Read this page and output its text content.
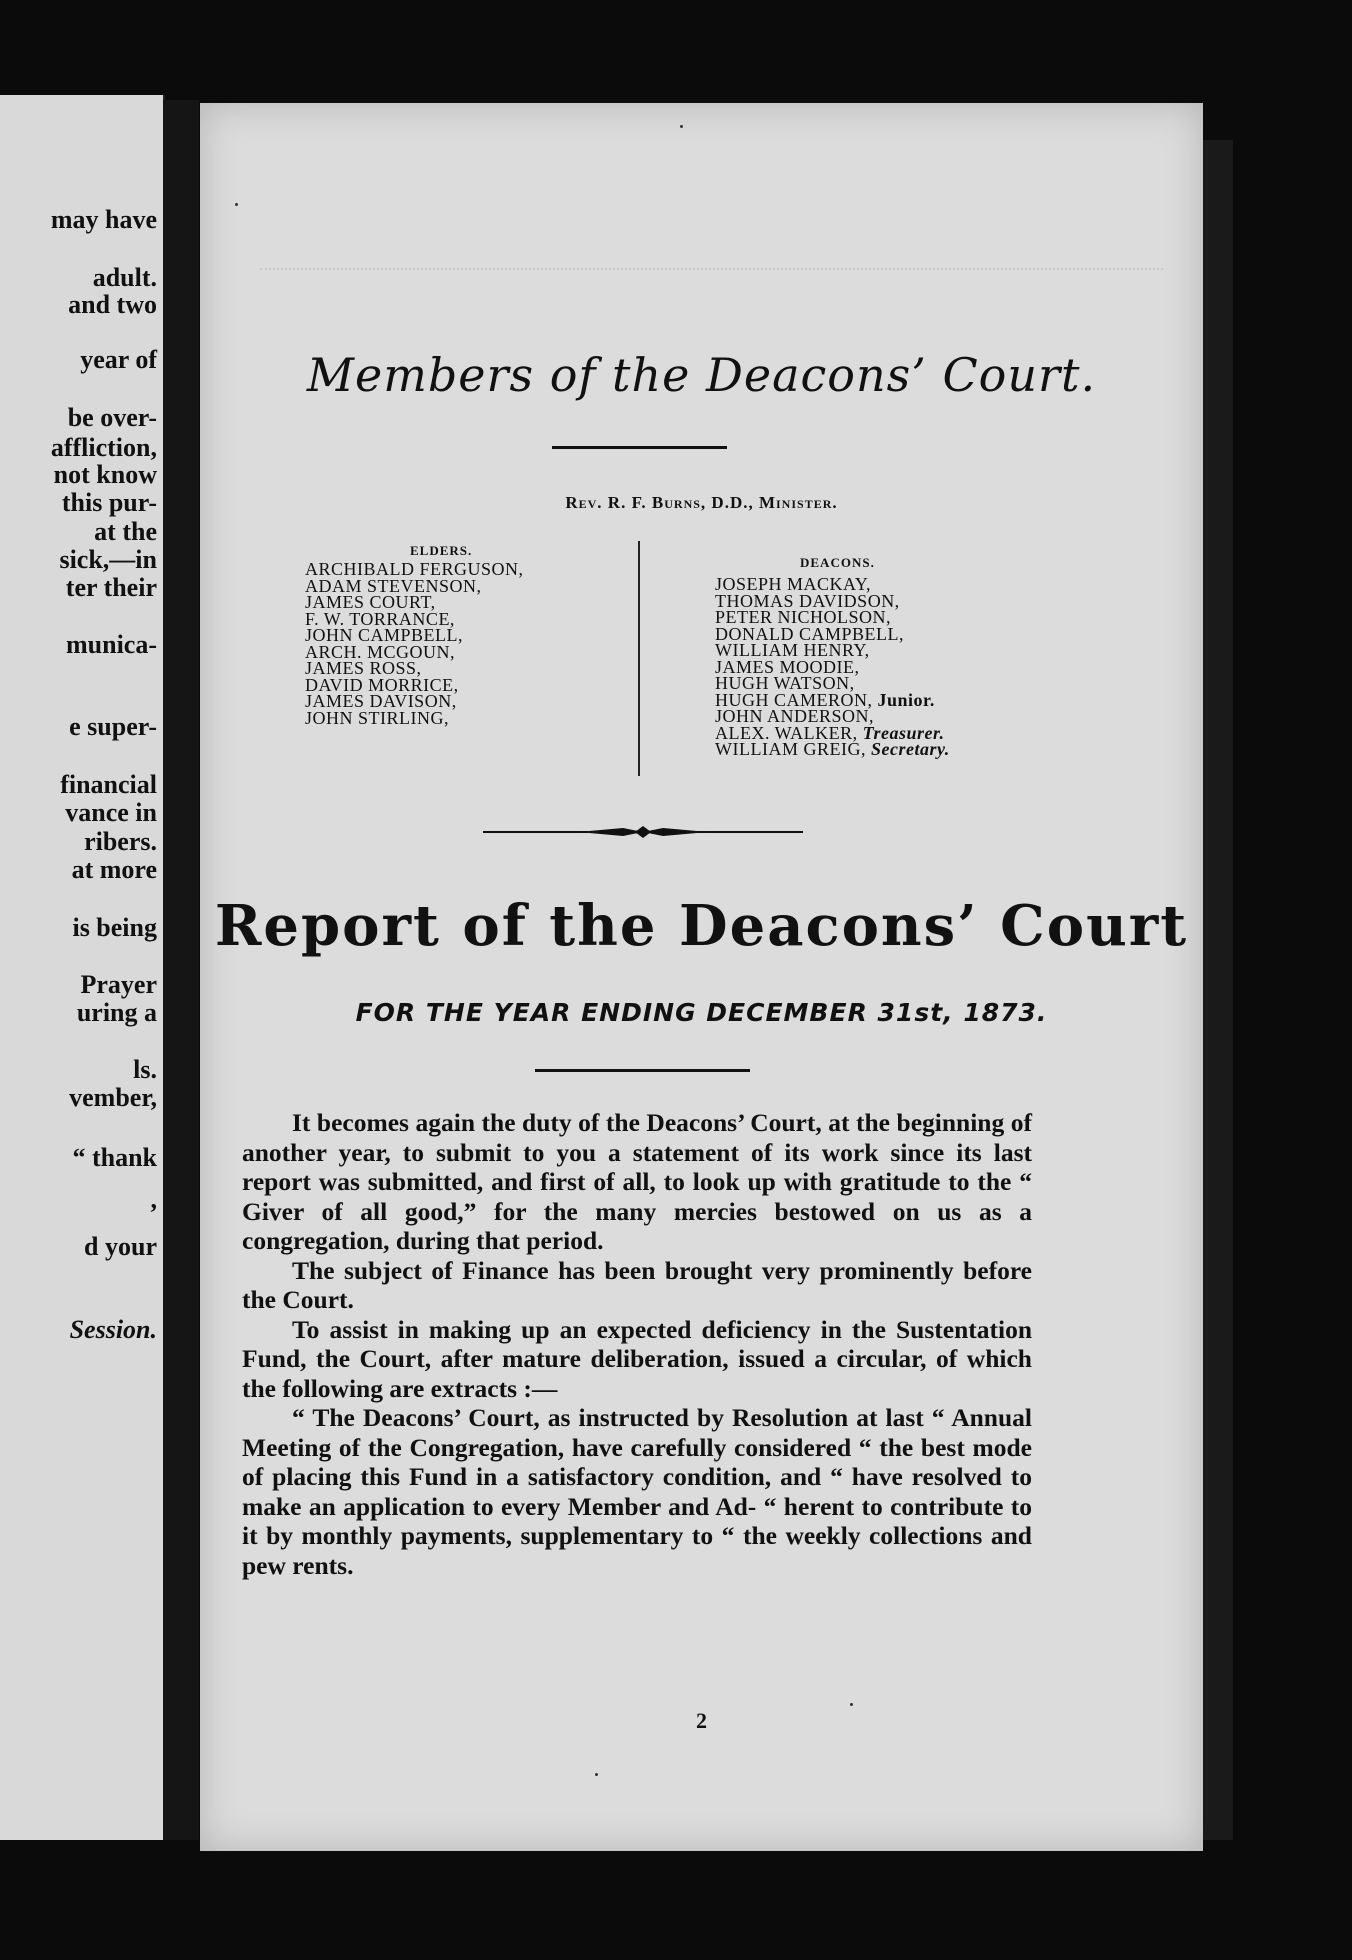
may have
adult.
and two
year of
be over-
affliction,
not know
this pur-
at the
sick,—in
ter their
munica-
e super-
financial
vance in
ribers.
at more
is being
Prayer
uring a
ls.
vember,
“ thank
,
d your
Session.
Members of the Deacons’ Court.
Rev. R. F. Burns, D.D., Minister.
ELDERS.
ARCHIBALD FERGUSON,
ADAM STEVENSON,
JAMES COURT,
F. W. TORRANCE,
JOHN CAMPBELL,
ARCH. MCGOUN,
JAMES ROSS,
DAVID MORRICE,
JAMES DAVISON,
JOHN STIRLING,
DEACONS.
JOSEPH MACKAY,
THOMAS DAVIDSON,
PETER NICHOLSON,
DONALD CAMPBELL,
WILLIAM HENRY,
JAMES MOODIE,
HUGH WATSON,
HUGH CAMERON, Junior.
JOHN ANDERSON,
ALEX. WALKER, Treasurer.
WILLIAM GREIG, Secretary.
Report of the Deacons’ Court
FOR THE YEAR ENDING DECEMBER 31st, 1873.

It becomes again the duty of the Deacons’ Court, at the beginning of another year, to submit to you a statement of its work since its last report was submitted, and first of all, to look up with gratitude to the “ Giver of all good,” for the many mercies bestowed on us as a congregation, during that period.

The subject of Finance has been brought very prominently before the Court.

To assist in making up an expected deficiency in the Sustentation Fund, the Court, after mature deliberation, issued a circular, of which the following are extracts :—

“ The Deacons’ Court, as instructed by Resolution at last “ Annual Meeting of the Congregation, have carefully considered “ the best mode of placing this Fund in a satisfactory condition, and “ have resolved to make an application to every Member and Ad- “ herent to contribute to it by monthly payments, supplementary to “ the weekly collections and pew rents.

2
